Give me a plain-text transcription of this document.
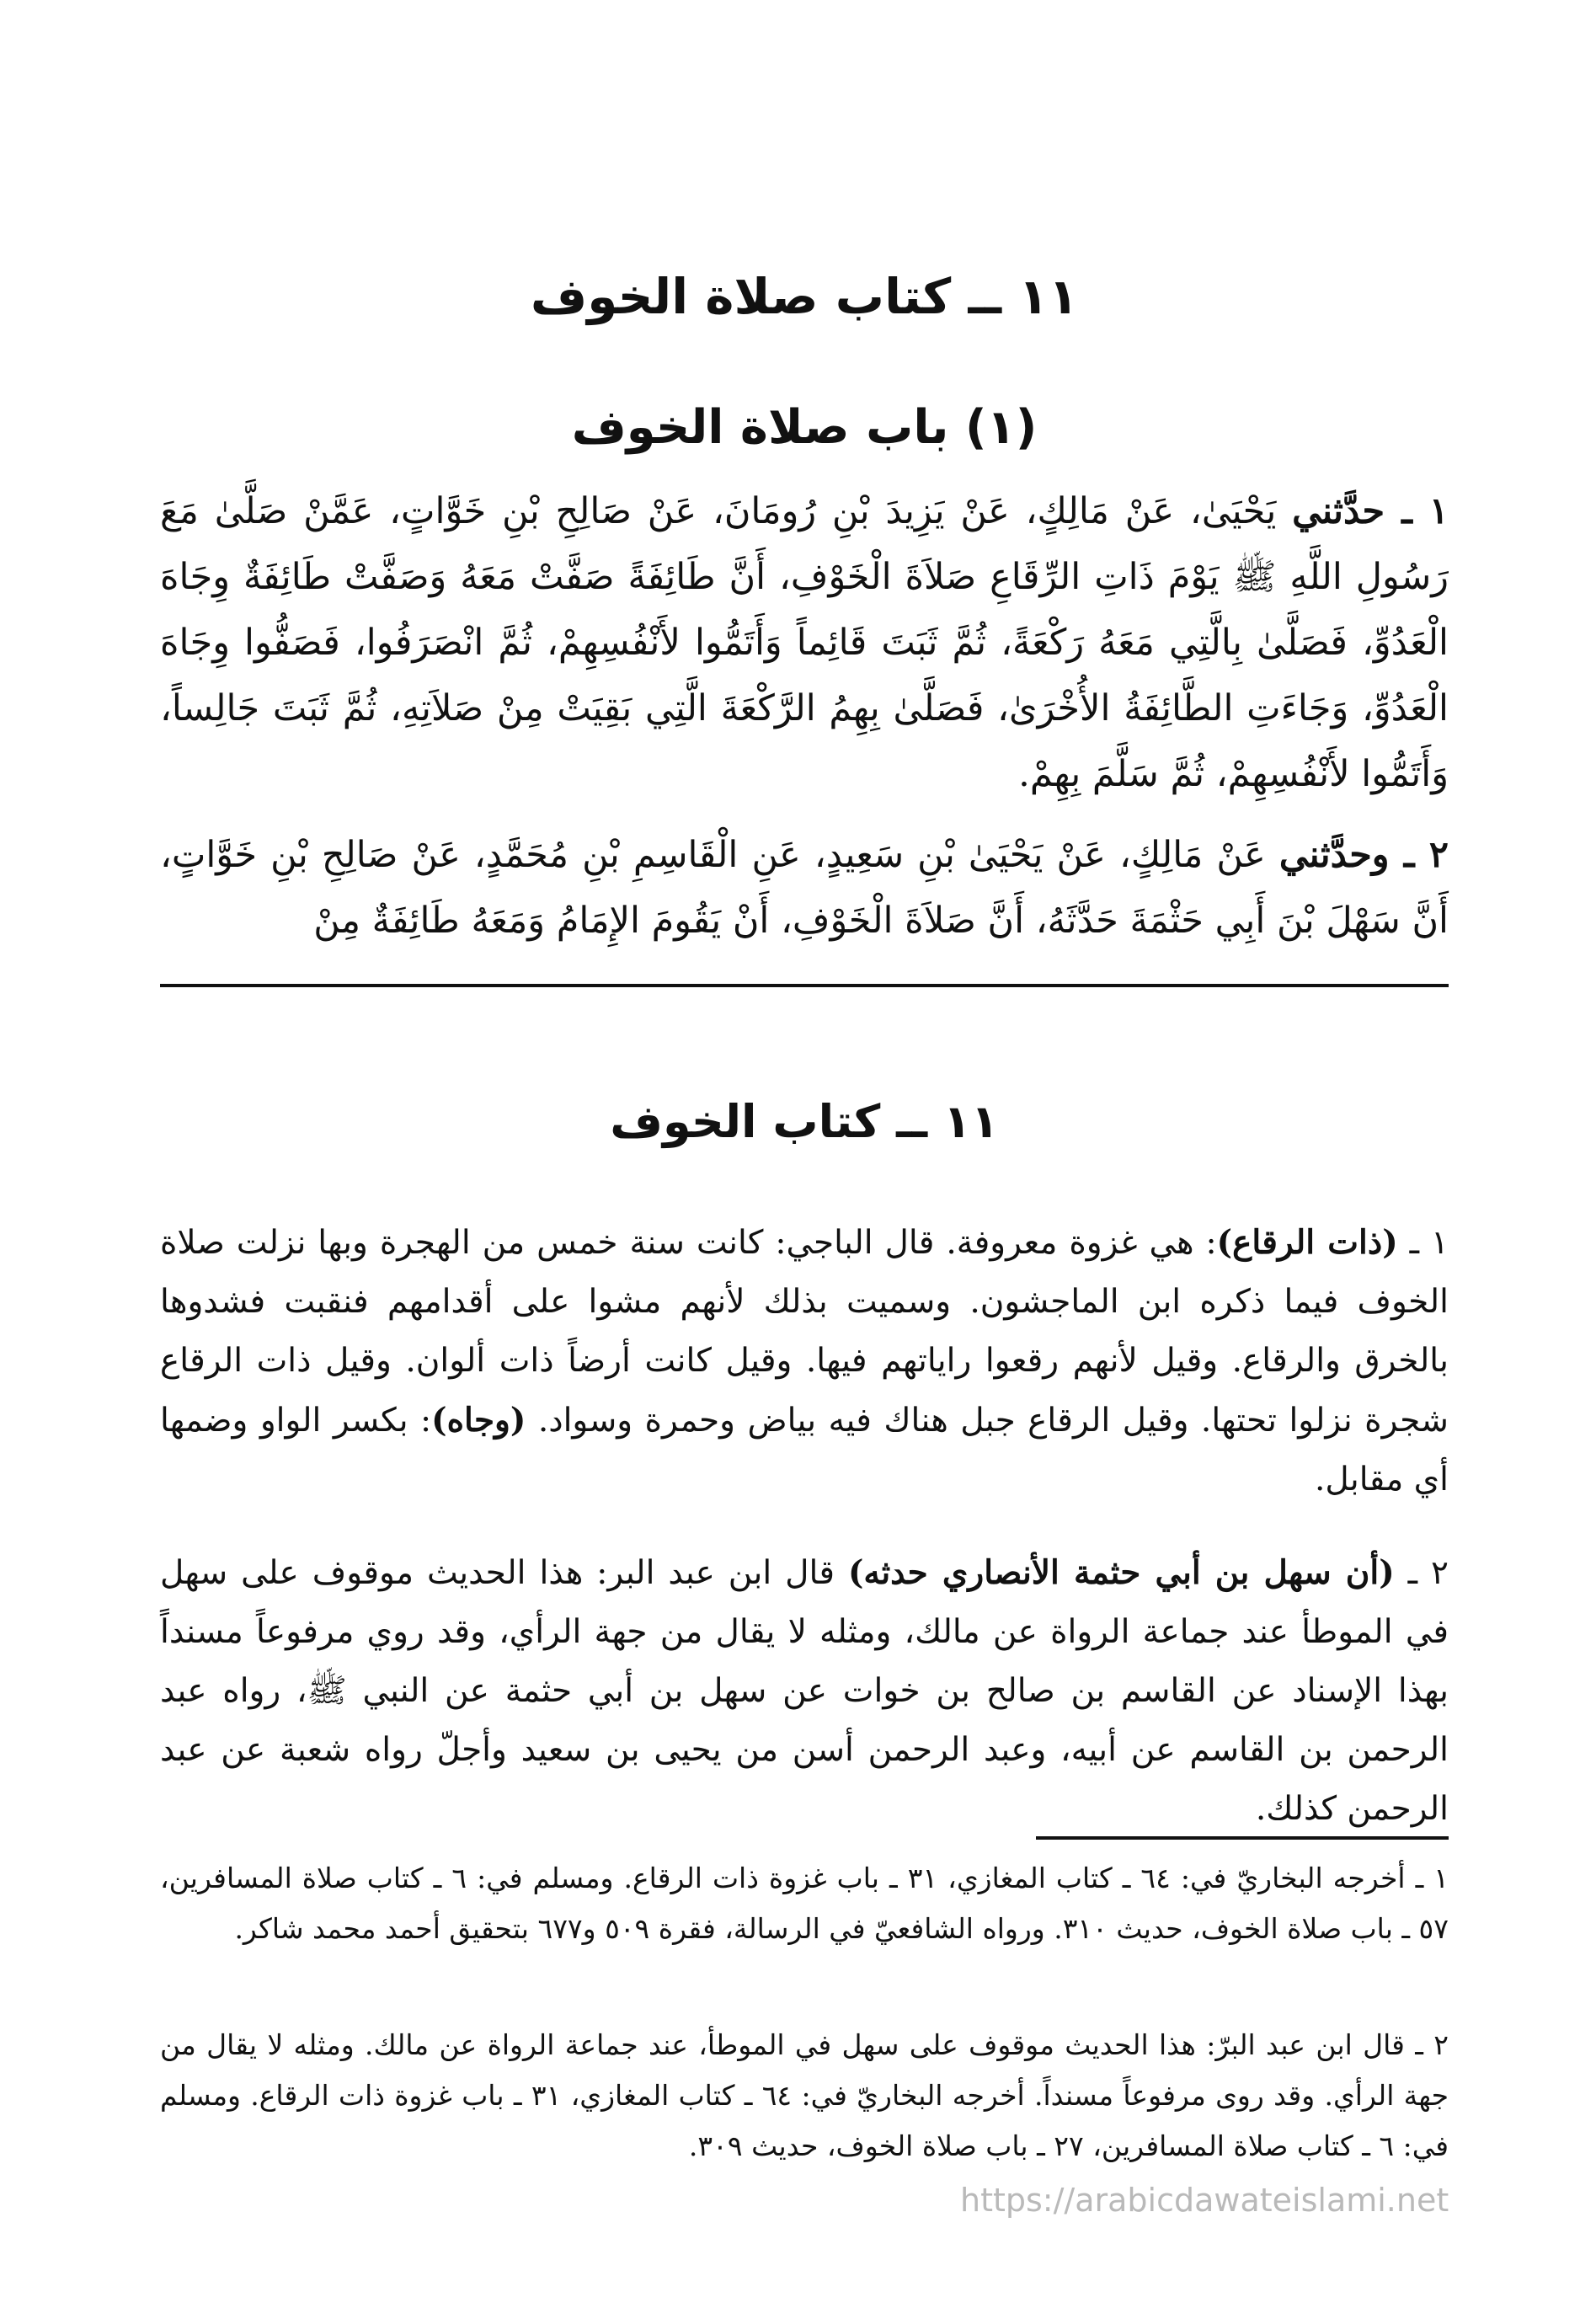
١١ ــ كتاب صلاة الخوف
(١) باب صلاة الخوف
١ ـ حدَّثني يَحْيَىٰ، عَنْ مَالِكٍ، عَنْ يَزِيدَ بْنِ رُومَانَ، عَنْ صَالِحِ بْنِ خَوَّاتٍ، عَمَّنْ صَلَّىٰ مَعَ رَسُولِ اللَّهِ ﷺ يَوْمَ ذَاتِ الرِّقَاعِ صَلاَةَ الْخَوْفِ، أَنَّ طَائِفَةً صَفَّتْ مَعَهُ وَصَفَّتْ طَائِفَةٌ وِجَاهَ الْعَدُوِّ، فَصَلَّىٰ بِالَّتِي مَعَهُ رَكْعَةً، ثُمَّ ثَبَتَ قَائِماً وَأَتَمُّوا لأَنْفُسِهِمْ، ثُمَّ انْصَرَفُوا، فَصَفُّوا وِجَاهَ الْعَدُوِّ، وَجَاءَتِ الطَّائِفَةُ الأُخْرَىٰ، فَصَلَّىٰ بِهِمُ الرَّكْعَةَ الَّتِي بَقِيَتْ مِنْ صَلاَتِهِ، ثُمَّ ثَبَتَ جَالِساً، وَأَتَمُّوا لأَنْفُسِهِمْ، ثُمَّ سَلَّمَ بِهِمْ.
٢ ـ وحدَّثني عَنْ مَالِكٍ، عَنْ يَحْيَىٰ بْنِ سَعِيدٍ، عَنِ الْقَاسِمِ بْنِ مُحَمَّدٍ، عَنْ صَالِحِ بْنِ خَوَّاتٍ، أَنَّ سَهْلَ بْنَ أَبِي حَثْمَةَ حَدَّثَهُ، أَنَّ صَلاَةَ الْخَوْفِ، أَنْ يَقُومَ الإِمَامُ وَمَعَهُ طَائِفَةٌ مِنْ
١١ ــ كتاب الخوف
١ ـ (ذات الرقاع): هي غزوة معروفة. قال الباجي: كانت سنة خمس من الهجرة وبها نزلت صلاة الخوف فيما ذكره ابن الماجشون. وسميت بذلك لأنهم مشوا على أقدامهم فنقبت فشدوها بالخرق والرقاع. وقيل لأنهم رقعوا راياتهم فيها. وقيل كانت أرضاً ذات ألوان. وقيل ذات الرقاع شجرة نزلوا تحتها. وقيل الرقاع جبل هناك فيه بياض وحمرة وسواد. (وجاه): بكسر الواو وضمها أي مقابل.
٢ ـ (أن سهل بن أبي حثمة الأنصاري حدثه) قال ابن عبد البر: هذا الحديث موقوف على سهل في الموطأ عند جماعة الرواة عن مالك، ومثله لا يقال من جهة الرأي، وقد روي مرفوعاً مسنداً بهذا الإسناد عن القاسم بن صالح بن خوات عن سهل بن أبي حثمة عن النبي ﷺ، رواه عبد الرحمن بن القاسم عن أبيه، وعبد الرحمن أسن من يحيى بن سعيد وأجلّ رواه شعبة عن عبد الرحمن كذلك.
١ ـ أخرجه البخاريّ في: ٦٤ ـ كتاب المغازي، ٣١ ـ باب غزوة ذات الرقاع. ومسلم في: ٦ ـ كتاب صلاة المسافرين، ٥٧ ـ باب صلاة الخوف، حديث ٣١٠. ورواه الشافعيّ في الرسالة، فقرة ٥٠٩ و٦٧٧ بتحقيق أحمد محمد شاكر.
٢ ـ قال ابن عبد البرّ: هذا الحديث موقوف على سهل في الموطأ، عند جماعة الرواة عن مالك. ومثله لا يقال من جهة الرأي. وقد روى مرفوعاً مسنداً. أخرجه البخاريّ في: ٦٤ ـ كتاب المغازي، ٣١ ـ باب غزوة ذات الرقاع. ومسلم في: ٦ ـ كتاب صلاة المسافرين، ٢٧ ـ باب صلاة الخوف، حديث ٣٠٩.
https://arabicdawateislami.net
